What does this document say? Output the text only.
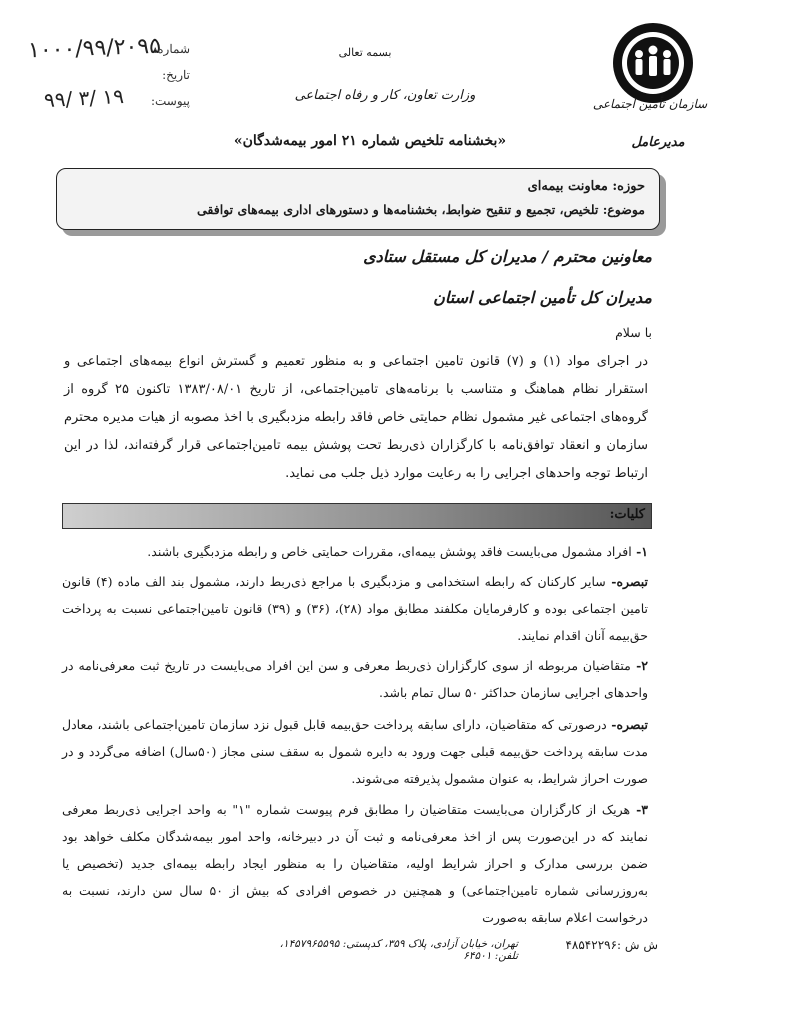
۱۰۰۰/۹۹/۲۰۹۵
۹۹/ ۳/ ۱۹
شماره:
تاریخ:
پیوست:
بسمه تعالی
وزارت تعاون، کار و رفاه اجتماعی
«بخشنامه تلخیص شماره ۲۱ امور بیمه‌شدگان»
سازمان تأمین اجتماعی
مدیرعامل
حوزه: معاونت بیمه‌ای
موضوع: تلخیص، تجمیع و تنقیح ضوابط، بخشنامه‌ها و دستورهای اداری بیمه‌های توافقی
معاونین محترم / مدیران کل مستقل ستادی
مدیران کل تأمین اجتماعی استان
با سلام
در اجرای مواد (۱) و (۷) قانون تامین اجتماعی و به منظور تعمیم و گسترش انواع بیمه‌های اجتماعی و استقرار نظام هماهنگ و متناسب با برنامه‌های تامین‌اجتماعی، از تاریخ ۱۳۸۳/۰۸/۰۱ تاکنون ۲۵ گروه از گروه‌های اجتماعی غیر مشمول نظام حمایتی خاص فاقد رابطه مزدبگیری با اخذ مصوبه از هیات مدیره محترم سازمان و انعقاد توافق‌نامه با کارگزاران ذی‌ربط تحت پوشش بیمه تامین‌اجتماعی قرار گرفته‌اند، لذا در این ارتباط توجه واحدهای اجرایی را به رعایت موارد ذیل جلب می نماید.
کلیات:
۱- افراد مشمول می‌بایست فاقد پوشش بیمه‌ای، مقررات حمایتی خاص و رابطه مزدبگیری باشند.
تبصره- سایر کارکنان که رابطه استخدامی و مزدبگیری با مراجع ذی‌ربط دارند، مشمول بند الف ماده (۴) قانون تامین اجتماعی بوده و کارفرمایان مکلفند مطابق مواد (۲۸)، (۳۶) و (۳۹) قانون تامین‌اجتماعی نسبت به پرداخت حق‌بیمه آنان اقدام نمایند.
۲- متقاضیان مربوطه از سوی کارگزاران ذی‌ربط معرفی و سن این افراد می‌بایست در تاریخ ثبت معرفی‌نامه در واحدهای اجرایی سازمان حداکثر ۵۰ سال تمام باشد.
تبصره- درصورتی که متقاضیان، دارای سابقه پرداخت حق‌بیمه قابل قبول نزد سازمان تامین‌اجتماعی باشند، معادل مدت سابقه پرداخت حق‌بیمه قبلی جهت ورود به دایره شمول به سقف سنی مجاز (۵۰سال) اضافه می‌گردد و در صورت احراز شرایط، به عنوان مشمول پذیرفته می‌شوند.
۳- هریک از کارگزاران می‌بایست متقاضیان را مطابق فرم پیوست شماره "۱" به واحد اجرایی ذی‌ربط معرفی نمایند که در این‌صورت پس از اخذ معرفی‌نامه و ثبت آن در دبیرخانه، واحد امور بیمه‌شدگان مکلف خواهد بود ضمن بررسی مدارک و احراز شرایط اولیه، متقاضیان را به منظور ایجاد رابطه بیمه‌ای جدید (تخصیص یا به‌روزرسانی شماره تامین‌اجتماعی) و همچنین در خصوص افرادی که بیش از ۵۰ سال سن دارند، نسبت به درخواست اعلام سابقه به‌صورت
تهران، خیابان آزادی، پلاک ۳۵۹، کدپستی: ۱۴۵۷۹۶۵۵۹۵، تلفن: ۶۴۵۰۱
ش ش :۴۸۵۴۲۲۹۶
